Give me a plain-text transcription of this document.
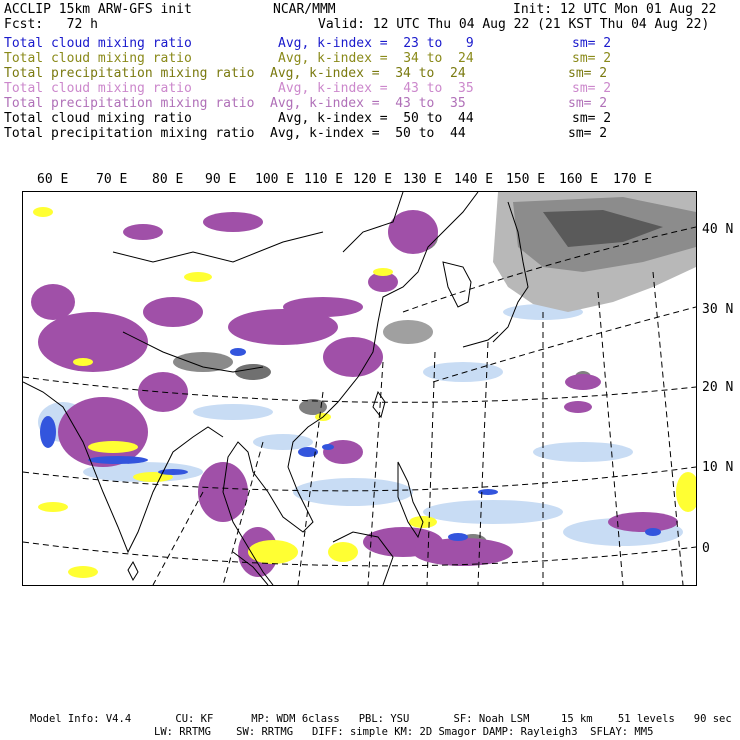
ACCLIP 15km ARW-GFS init	NCAR/MMM	Init: 12 UTC Mon 01 Aug 22
Fcst:   72 h	Valid: 12 UTC Thu 04 Aug 22 (21 KST Thu 04 Aug 22)
Total cloud mixing ratio	Avg, k-index =  23 to   9	sm= 2
Total cloud mixing ratio	Avg, k-index =  34 to  24	sm= 2
Total precipitation mixing ratio Avg, k-index =  34 to  24	sm= 2
Total cloud mixing ratio	Avg, k-index =  43 to  35	sm= 2
Total precipitation mixing ratio Avg, k-index =  43 to  35	sm= 2
Total cloud mixing ratio	Avg, k-index =  50 to  44	sm= 2
Total precipitation mixing ratio Avg, k-index =  50 to  44	sm= 2
60 E 70 E 80 E 90 E 100 E 110 E 120 E 130 E 140 E 150 E 160 E 170 E
40 N
30 N
20 N
10 N
0
Model Info: V4.4       CU: KF      MP: WDM 6class   PBL: YSU       SF: Noah LSM     15 km    51 levels   90 sec
LW: RRTMG    SW: RRTMG   DIFF: simple KM: 2D Smagor DAMP: Rayleigh3  SFLAY: MM5
